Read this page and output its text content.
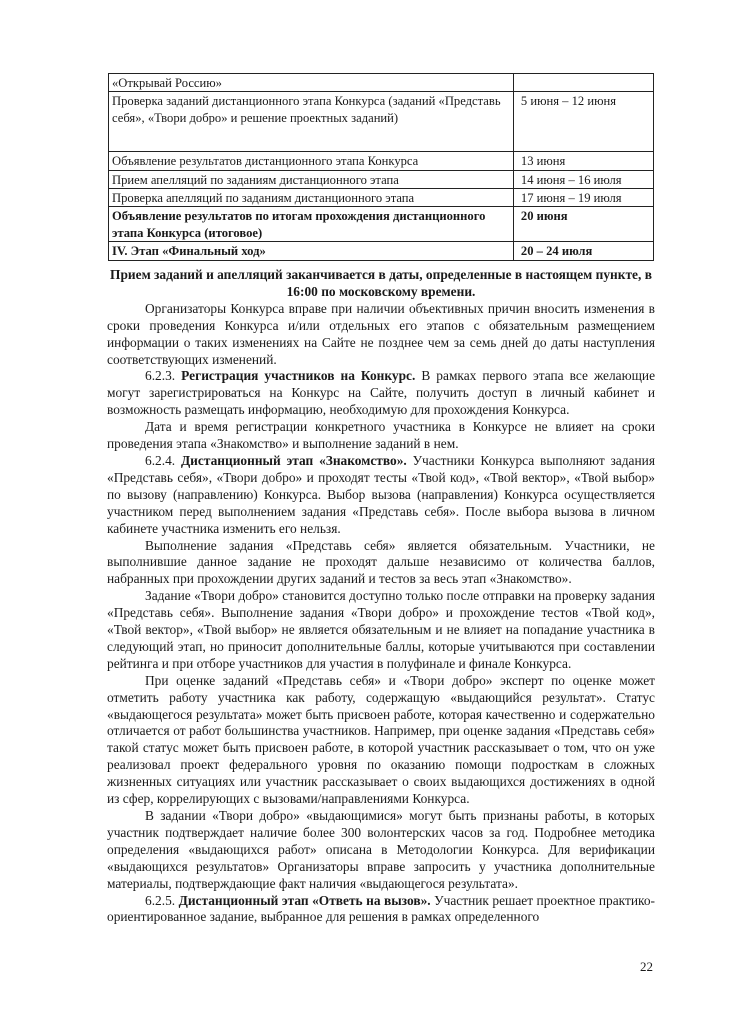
«Открывай Россию»	
Проверка заданий дистанционного этапа Конкурса (заданий «Представь себя», «Твори добро» и решение проектных заданий)	5 июня – 12 июня
Объявление результатов дистанционного этапа Конкурса	13 июня
Прием апелляций по заданиям дистанционного этапа	14 июня – 16 июля
Проверка апелляций по заданиям дистанционного этапа	17 июня – 19 июля
Объявление результатов по итогам прохождения дистанционного этапа Конкурса (итоговое)	20 июня
IV. Этап «Финальный ход»	20 – 24 июля

Прием заданий и апелляций заканчивается в даты, определенные в настоящем пункте, в 16:00 по московскому времени.

Организаторы Конкурса вправе при наличии объективных причин вносить изменения в сроки проведения Конкурса и/или отдельных его этапов с обязательным размещением информации о таких изменениях на Сайте не позднее чем за семь дней до даты наступления соответствующих изменений.

6.2.3. Регистрация участников на Конкурс. В рамках первого этапа все желающие могут зарегистрироваться на Конкурс на Сайте, получить доступ в личный кабинет и возможность размещать информацию, необходимую для прохождения Конкурса.

Дата и время регистрации конкретного участника в Конкурсе не влияет на сроки проведения этапа «Знакомство» и выполнение заданий в нем.

6.2.4. Дистанционный этап «Знакомство». Участники Конкурса выполняют задания «Представь себя», «Твори добро» и проходят тесты «Твой код», «Твой вектор», «Твой выбор» по вызову (направлению) Конкурса. Выбор вызова (направления) Конкурса осуществляется участником перед выполнением задания «Представь себя». После выбора вызова в личном кабинете участника изменить его нельзя.

Выполнение задания «Представь себя» является обязательным. Участники, не выполнившие данное задание не проходят дальше независимо от количества баллов, набранных при прохождении других заданий и тестов за весь этап «Знакомство».

Задание «Твори добро» становится доступно только после отправки на проверку задания «Представь себя». Выполнение задания «Твори добро» и прохождение тестов «Твой код», «Твой вектор», «Твой выбор» не является обязательным и не влияет на попадание участника в следующий этап, но приносит дополнительные баллы, которые учитываются при составлении рейтинга и при отборе участников для участия в полуфинале и финале Конкурса.

При оценке заданий «Представь себя» и «Твори добро» эксперт по оценке может отметить работу участника как работу, содержащую «выдающийся результат». Статус «выдающегося результата» может быть присвоен работе, которая качественно и содержательно отличается от работ большинства участников. Например, при оценке задания «Представь себя» такой статус может быть присвоен работе, в которой участник рассказывает о том, что он уже реализовал проект федерального уровня по оказанию помощи подросткам в сложных жизненных ситуациях или участник рассказывает о своих выдающихся достижениях в одной из сфер, коррелирующих с вызовами/направлениями Конкурса.

В задании «Твори добро» «выдающимися» могут быть признаны работы, в которых участник подтверждает наличие более 300 волонтерских часов за год. Подробнее методика определения «выдающихся работ» описана в Методологии Конкурса. Для верификации «выдающихся результатов» Организаторы вправе запросить у участника дополнительные материалы, подтверждающие факт наличия «выдающегося результата».

6.2.5. Дистанционный этап «Ответь на вызов». Участник решает проектное практико-ориентированное задание, выбранное для решения в рамках определенного

22
